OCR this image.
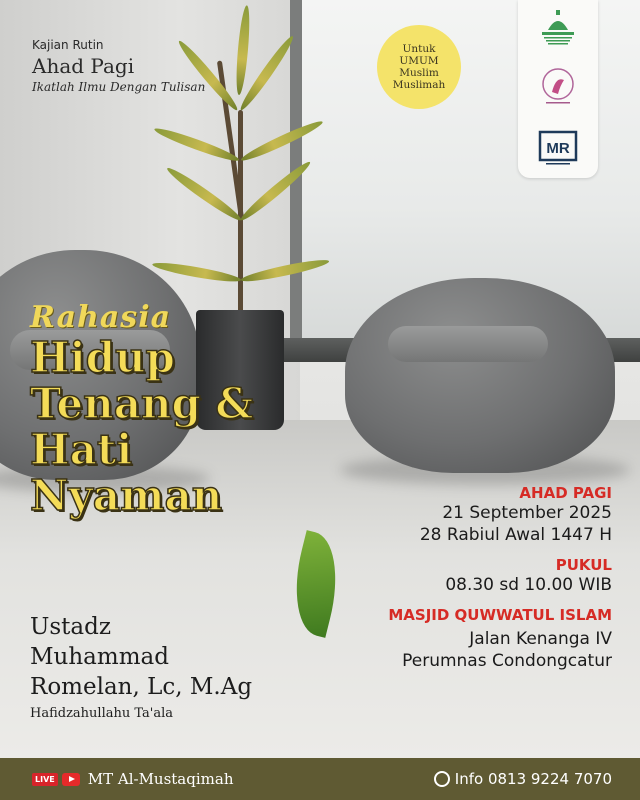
Kajian Rutin
Ahad Pagi
Ikatlah Ilmu Dengan Tulisan
Untuk
UMUM
Muslim
Muslimah
MR
Rahasia
Hidup
Tenang &
Hati
Nyaman	AHAD PAGI
21 September 2025
28 Rabiul Awal 1447 H
PUKUL
08.30 sd 10.00 WIB
MASJID QUWWATUL ISLAM
Jalan Kenanga IV
Perumnas Condongcatur
Ustadz
Muhammad
Romelan, Lc, M.Ag
Hafidzahullahu Ta'ala
LIVE MT Al-Mustaqimah	Info 0813 9224 7070
